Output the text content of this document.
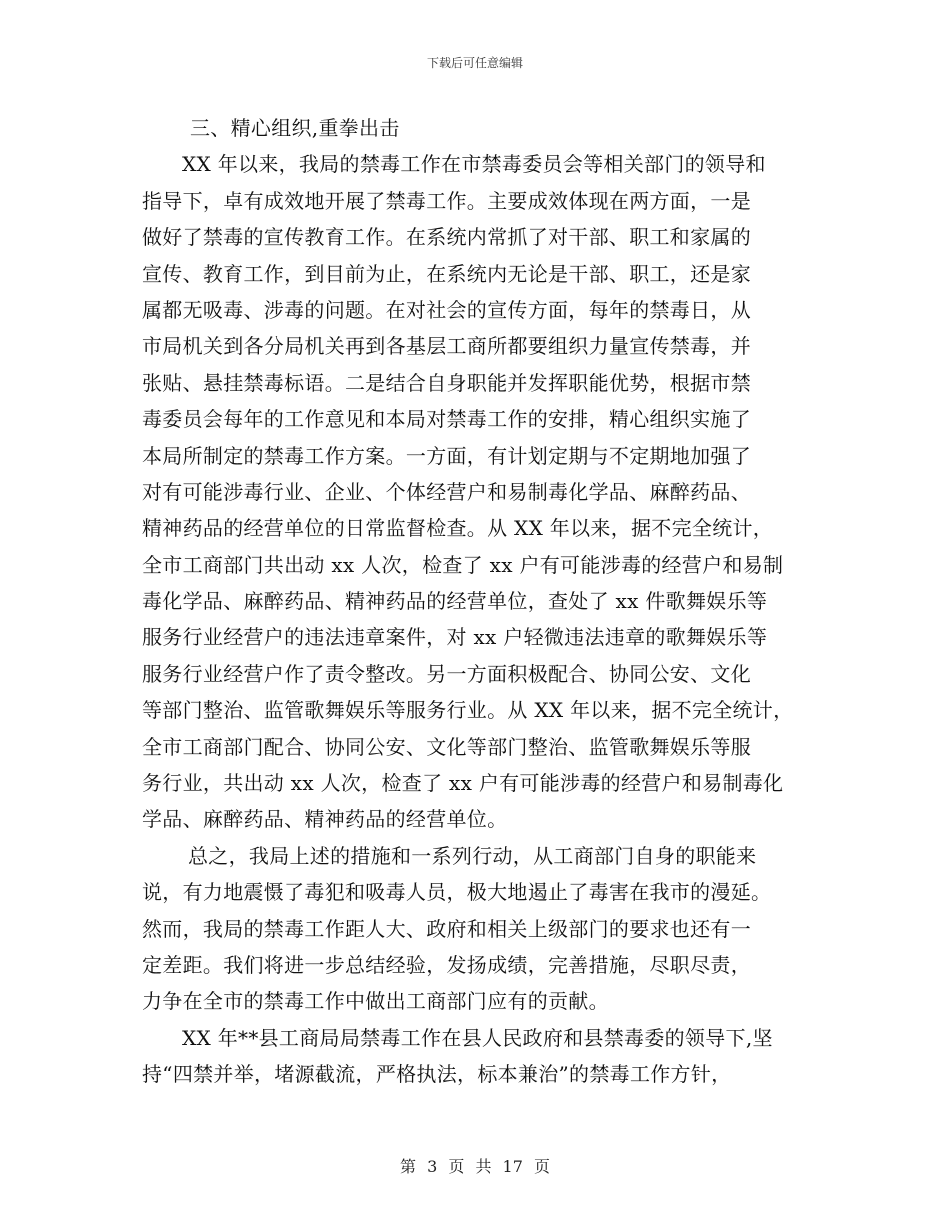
下载后可任意编辑
三、精心组织,重拳出击
XX 年以来，我局的禁毒工作在市禁毒委员会等相关部门的领导和
指导下，卓有成效地开展了禁毒工作。主要成效体现在两方面，一是
做好了禁毒的宣传教育工作。在系统内常抓了对干部、职工和家属的
宣传、教育工作，到目前为止，在系统内无论是干部、职工，还是家
属都无吸毒、涉毒的问题。在对社会的宣传方面，每年的禁毒日，从
市局机关到各分局机关再到各基层工商所都要组织力量宣传禁毒，并
张贴、悬挂禁毒标语。二是结合自身职能并发挥职能优势，根据市禁
毒委员会每年的工作意见和本局对禁毒工作的安排，精心组织实施了
本局所制定的禁毒工作方案。一方面，有计划定期与不定期地加强了
对有可能涉毒行业、企业、个体经营户和易制毒化学品、麻醉药品、
精神药品的经营单位的日常监督检查。从 XX 年以来，据不完全统计，
全市工商部门共出动 xx 人次，检查了 xx 户有可能涉毒的经营户和易制
毒化学品、麻醉药品、精神药品的经营单位，查处了 xx 件歌舞娱乐等
服务行业经营户的违法违章案件，对 xx 户轻微违法违章的歌舞娱乐等
服务行业经营户作了责令整改。另一方面积极配合、协同公安、文化
等部门整治、监管歌舞娱乐等服务行业。从 XX 年以来，据不完全统计，
全市工商部门配合、协同公安、文化等部门整治、监管歌舞娱乐等服
务行业，共出动 xx 人次，检查了 xx 户有可能涉毒的经营户和易制毒化
学品、麻醉药品、精神药品的经营单位。
总之，我局上述的措施和一系列行动，从工商部门自身的职能来
说，有力地震慑了毒犯和吸毒人员，极大地遏止了毒害在我市的漫延。
然而，我局的禁毒工作距人大、政府和相关上级部门的要求也还有一
定差距。我们将进一步总结经验，发扬成绩，完善措施，尽职尽责，
力争在全市的禁毒工作中做出工商部门应有的贡献。
XX 年**县工商局局禁毒工作在县人民政府和县禁毒委的领导下,坚
持“四禁并举，堵源截流，严格执法，标本兼治”的禁毒工作方针，
第 3 页 共 17 页
